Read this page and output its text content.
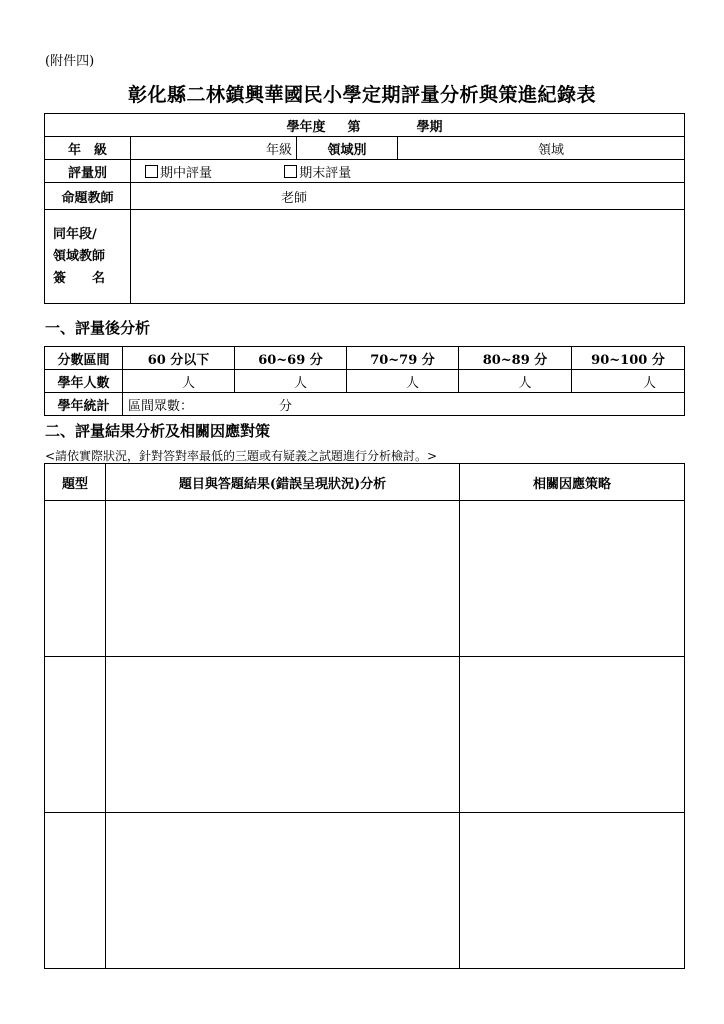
(附件四)
彰化縣二林鎮興華國民小學定期評量分析與策進紀錄表
學年度 第 學期			
年　級	年級	領域別	領域
評量別	期中評量 期末評量		
命題教師	老師		

同年段/
領域教師
簽　　名			

一、評量後分析
分數區間	60 分以下	60~69 分	70~79 分	80~89 分	90~100 分
學年人數	人	人	人	人	人
學年統計	區間眾數： 分				
二、評量結果分析及相關因應對策
<請依實際狀況，針對答對率最低的三題或有疑義之試題進行分析檢討。>
題型	題目與答題結果(錯誤呈現狀況)分析	相關因應策略
